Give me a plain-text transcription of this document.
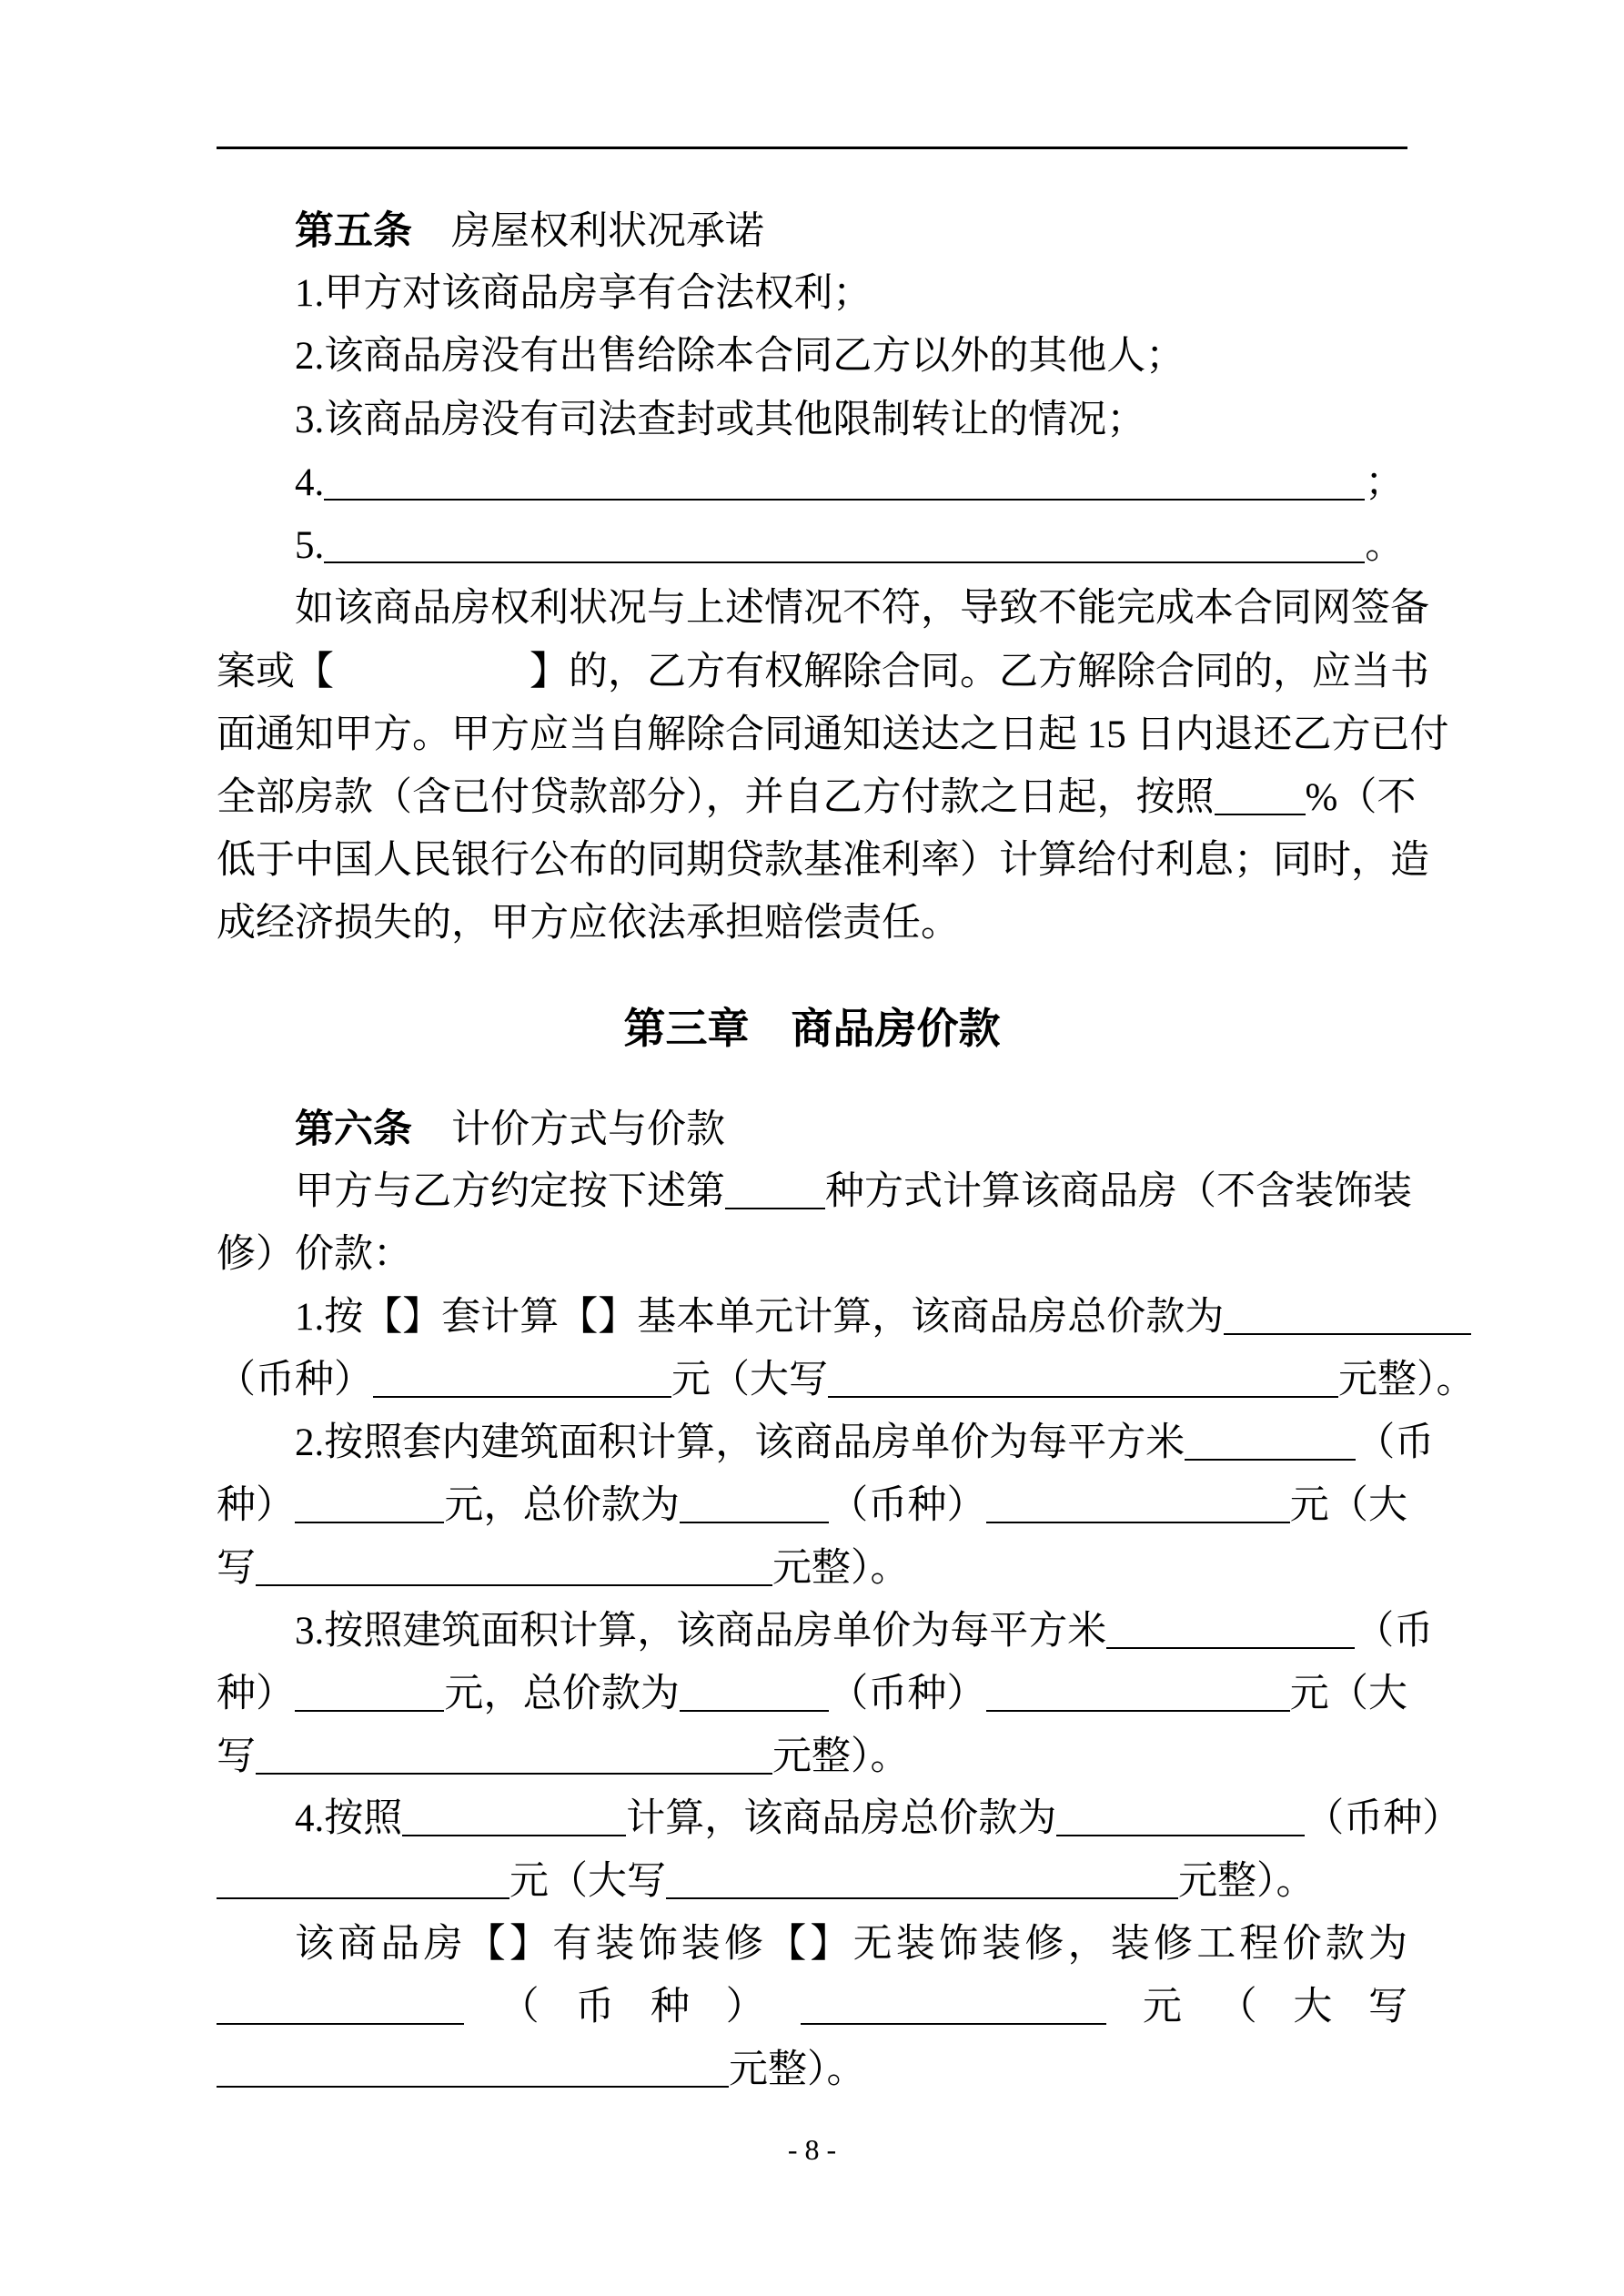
第五条　房屋权利状况承诺
1.甲方对该商品房享有合法权利；
2.该商品房没有出售给除本合同乙方以外的其他人；
3.该商品房没有司法查封或其他限制转让的情况；
4.	；
5.	。
如该商品房权利状况与上述情况不符，导致不能完成本合同网签备
案或【	】的，乙方有权解除合同。乙方解除合同的，应当书
面通知甲方。甲方应当自解除合同通知送达之日起 15 日内退还乙方已付
全部房款（含已付贷款部分），并自乙方付款之日起，按照 %（不
低于中国人民银行公布的同期贷款基准利率）计算给付利息；同时，造
成经济损失的，甲方应依法承担赔偿责任。
第六条　计价方式与价款
甲方与乙方约定按下述第	种方式计算该商品房（不含装饰装
修）价款：
1.按【】套计算【】基本单元计算，该商品房总价款为
（币种）	元（大写	元整）。
2.按照套内建筑面积计算，该商品房单价为每平方米	（币
种）	元，总价款为	（币种）	元（大
写	元整）。
3.按照建筑面积计算，该商品房单价为每平方米	（币
种）	元，总价款为	（币种）	元（大
写	元整）。
4.按照	计算，该商品房总价款为	（币种）
元（大写	元整）。
该商品房【】有装饰装修【】无装饰装修，装修工程价款为
（币种）	元（大写
元整）。
第三章　商品房价款
- 8 -
